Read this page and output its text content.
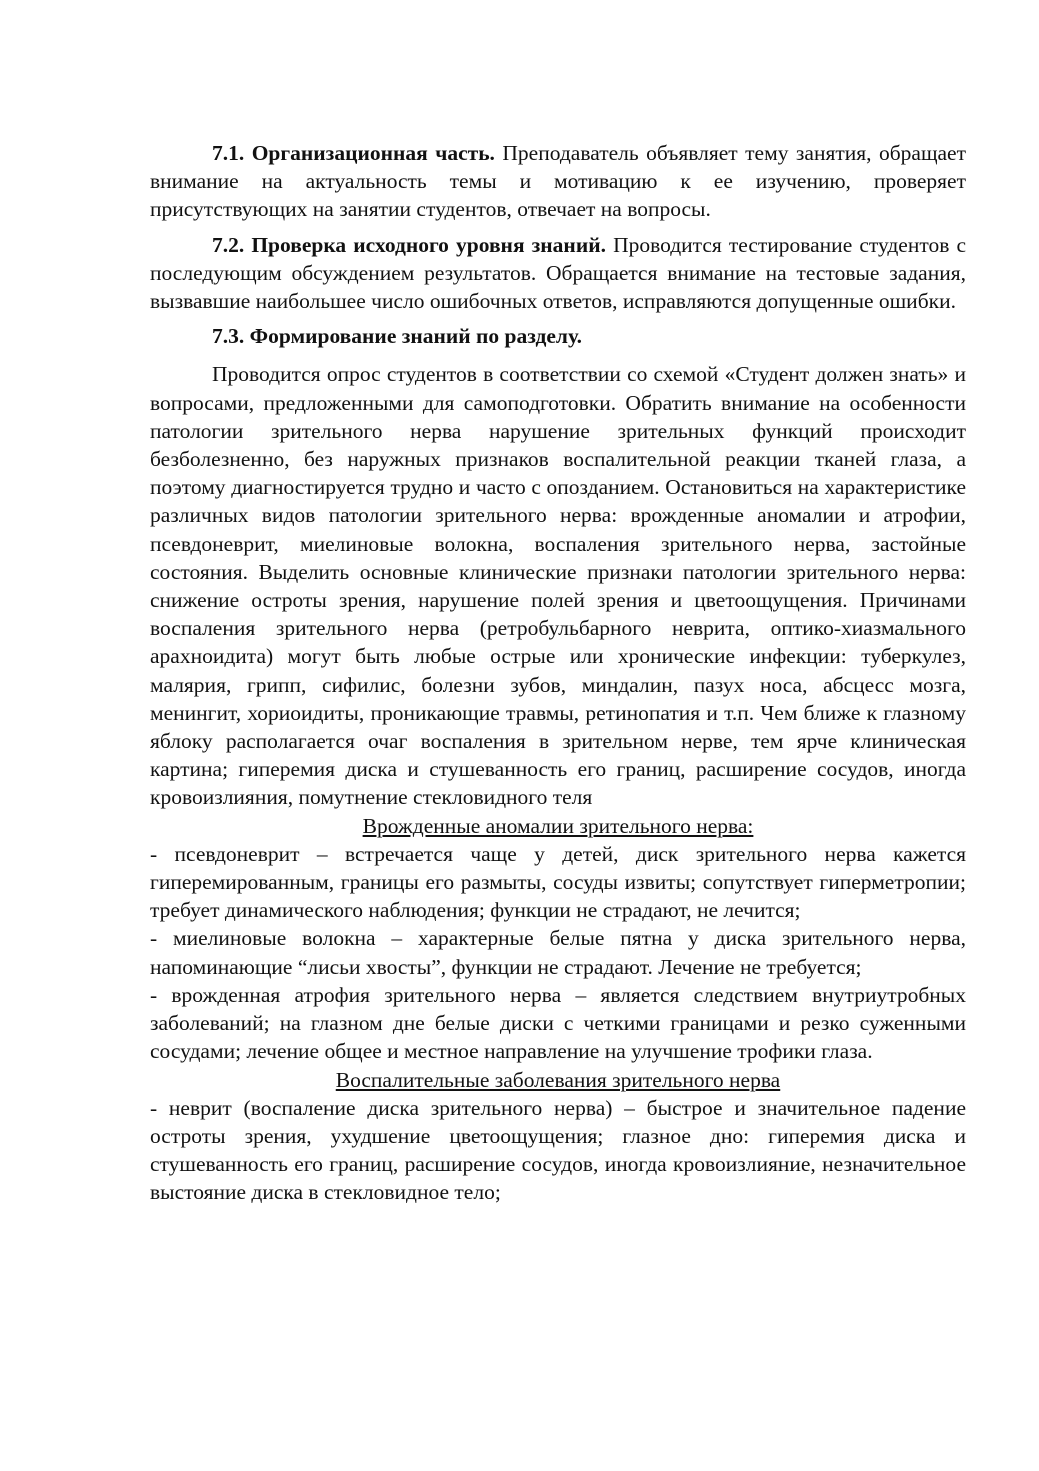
7.1. Организационная часть. Преподаватель объявляет тему занятия, обращает внимание на актуальность темы и мотивацию к ее изучению, проверяет присутствующих на занятии студентов, отвечает на вопросы.

7.2. Проверка исходного уровня знаний. Проводится тестирование студентов с последующим обсуждением результатов. Обращается внимание на тестовые задания, вызвавшие наибольшее число ошибочных ответов, исправляются допущенные ошибки.

7.3. Формирование знаний по разделу.

Проводится опрос студентов в соответствии со схемой «Студент должен знать» и вопросами, предложенными для самоподготовки. Обратить внимание на особенности патологии зрительного нерва нарушение зрительных функций происходит безболезненно, без наружных признаков воспалительной реакции тканей глаза, а поэтому диагностируется трудно и часто с опозданием. Остановиться на характеристике различных видов патологии зрительного нерва: врожденные аномалии и атрофии, псевдоневрит, миелиновые волокна, воспаления зрительного нерва, застойные состояния. Выделить основные клинические признаки патологии зрительного нерва: снижение остроты зрения, нарушение полей зрения и цветоощущения. Причинами воспаления зрительного нерва (ретробульбарного неврита, оптико-хиазмального арахноидита) могут быть любые острые или хронические инфекции: туберкулез, малярия, грипп, сифилис, болезни зубов, миндалин, пазух носа, абсцесс мозга, менингит, хориоидиты, проникающие травмы, ретинопатия и т.п. Чем ближе к глазному яблоку располагается очаг воспаления в зрительном нерве, тем ярче клиническая картина; гиперемия диска и стушеванность его границ, расширение сосудов, иногда кровоизлияния, помутнение стекловидного теля

Врожденные аномалии зрительного нерва:

- псевдоневрит – встречается чаще у детей, диск зрительного нерва кажется гиперемированным, границы его размыты, сосуды извиты; сопутствует гиперметропии; требует динамического наблюдения; функции не страдают, не лечится;

- миелиновые волокна – характерные белые пятна у диска зрительного нерва, напоминающие “лисьи хвосты”, функции не страдают. Лечение не требуется;

- врожденная атрофия зрительного нерва – является следствием внутриутробных заболеваний; на глазном дне белые диски с четкими границами и резко суженными сосудами; лечение общее и местное направление на улучшение трофики глаза.

Воспалительные заболевания зрительного нерва

- неврит (воспаление диска зрительного нерва) – быстрое и значительное падение остроты зрения, ухудшение цветоощущения; глазное дно: гиперемия диска и стушеванность его границ, расширение сосудов, иногда кровоизлияние, незначительное выстояние диска в стекловидное тело;
